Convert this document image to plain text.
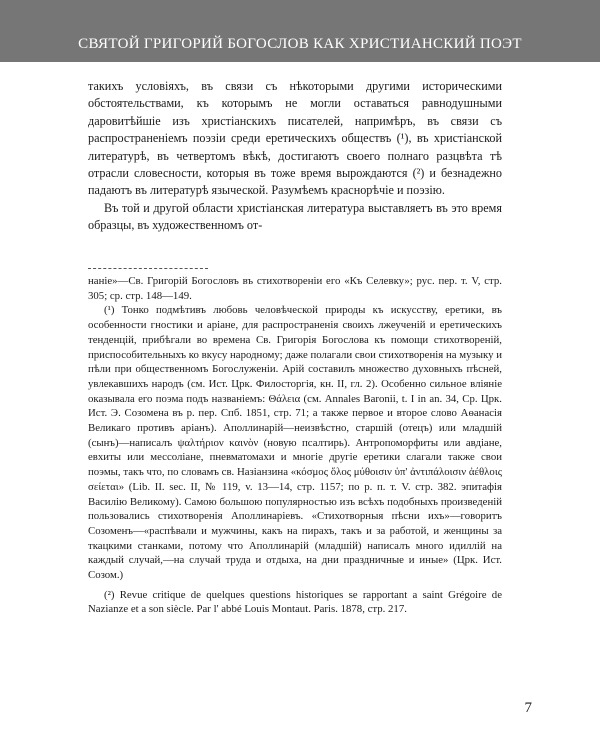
СВЯТОЙ ГРИГОРИЙ БОГОСЛОВ КАК ХРИСТИАНСКИЙ ПОЭТ

такихъ условіяхъ, въ связи съ нѣкоторыми другими историческими обстоятельствами, къ которымъ не могли оставаться равнодушными даровитѣйшіе изъ христіанскихъ писателей, напримѣръ, въ связи съ распространеніемъ поэзіи среди еретическихъ обществъ (¹), въ христіанской литературѣ, въ четвертомъ вѣкѣ, достигаютъ своего полнаго разцвѣта тѣ отрасли словесности, которыя въ тоже время вырождаются (²) и безнадежно падаютъ въ литературѣ языческой. Разумѣемъ краснорѣчіе и поэзію.

Въ той и другой области христіанская литература выставляетъ въ это время образцы, въ художественномъ от-

нaніе»—Св. Григорій Богословъ въ стихотвореніи его «Къ Селевку»; рус. пер. т. V, стр. 305; ср. стр. 148—149.

(¹) Тонко подмѣтивъ любовь человѣческой природы къ искусству, еретики, въ особенности гностики и аріане, для распространенія своихъ лжеученій и еретическихъ тенденцій, прибѣгали во времена Св. Григорія Богослова къ помощи стихотвореній, приспособительныхъ ко вкусу народному; даже полагали свои стихотворенія на музыку и пѣли при общественномъ Богослуженіи. Арій составилъ множество духовныхъ пѣсней, увлекавшихъ народъ (см. Ист. Црк. Филосторгія, кн. II, гл. 2). Особенно сильное вліяніе оказывала его поэма подъ названіемъ: Θάλεια (см. Annales Baronii, t. I in an. 34, Ср. Црк. Ист. Э. Созомена въ р. пер. Спб. 1851, стр. 71; а также первое и второе слово Аѳанасія Великаго противъ аріанъ). Аполлинарій—неизвѣстно, старшій (отецъ) или младшій (сынъ)—написалъ ψαλτήριον καινὸν (новую псалтирь). Антропоморфиты или авдіане, евхиты или мессоліане, пневматомахи и многіе другіе еретики слагали также свои поэмы, такъ что, по словамъ св. Назіанзина «κόσμος ὅλος μύθοισιν ὑπ' ἀντιπάλοισιν ἀέθλοις σείεται» (Lib. II. sec. II, № 119, v. 13—14, стр. 1157; по р. п. т. V. стр. 382. эпитафія Василію Великому). Самою большою популярностью изъ всѣхъ подобныхъ произведеній пользовались стихотворенія Аполлинаріевъ. «Стихотворныя пѣсни ихъ»—говоритъ Созоменъ—«распѣвали и мужчины, какъ на пирахъ, такъ и за работой, и женщины за ткацкими станками, потому что Аполлинарій (младшій) написалъ много идиллій на каждый случай,—на случай труда и отдыха, на дни праздничные и иные» (Црк. Ист. Созом.)

(²) Revue critique de quelques questions historiques se rapportant a saint Grégoire de Nazianze et a son siècle. Par l' abbé Louis Montaut. Paris. 1878, стр. 217.

7
